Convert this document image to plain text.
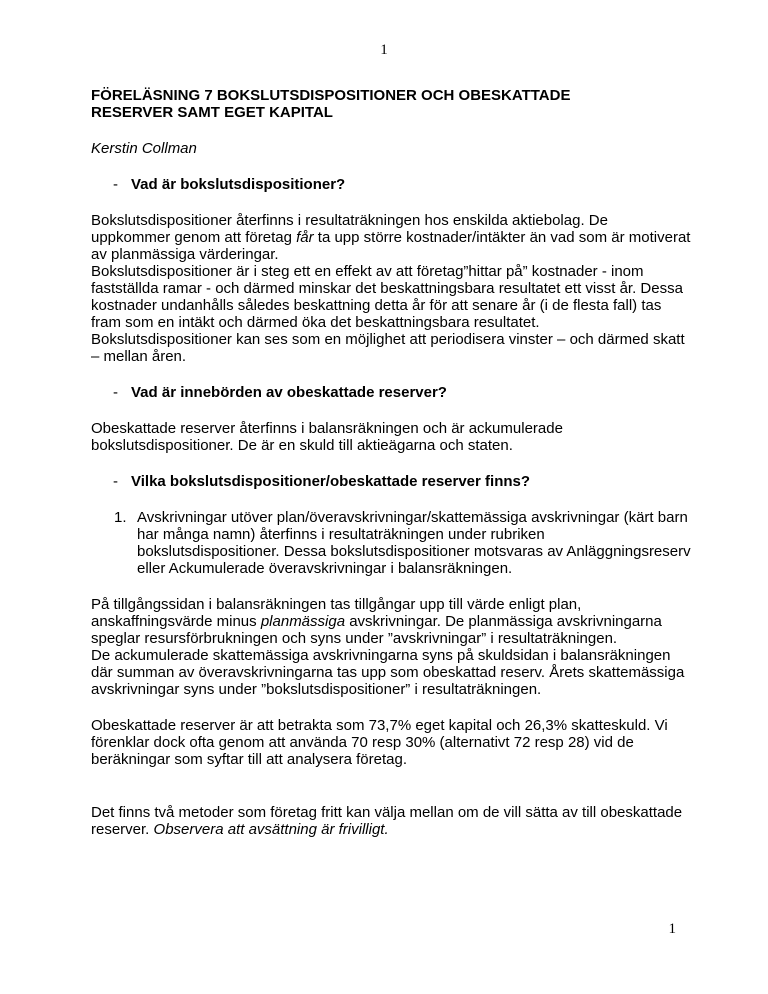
1

FÖRELÄSNING 7 BOKSLUTSDISPOSITIONER OCH OBESKATTADE

RESERVER SAMT EGET KAPITAL

Kerstin Collman

- Vad är bokslutsdispositioner?

Bokslutsdispositioner återfinns i resultaträkningen hos enskilda aktiebolag. De uppkommer genom att företag får ta upp större kostnader/intäkter än vad som är motiverat av planmässiga värderingar.

Bokslutsdispositioner är i steg ett en effekt av att företag”hittar på” kostnader - inom fastställda ramar - och därmed minskar det beskattningsbara resultatet ett visst år. Dessa kostnader undanhålls således beskattning detta år för att senare år (i de flesta fall) tas fram som en intäkt och därmed öka det beskattningsbara resultatet.

Bokslutsdispositioner kan ses som en möjlighet att periodisera vinster – och därmed skatt – mellan åren.

- Vad är innebörden av obeskattade reserver?

Obeskattade reserver återfinns i balansräkningen och är ackumulerade bokslutsdispositioner. De är en skuld till aktieägarna och staten.

- Vilka bokslutsdispositioner/obeskattade reserver finns?

1. Avskrivningar utöver plan/överavskrivningar/skattemässiga avskrivningar (kärt barn har många namn) återfinns i resultaträkningen under rubriken bokslutsdispositioner. Dessa bokslutsdispositioner motsvaras av Anläggningsreserv eller Ackumulerade överavskrivningar i balansräkningen.

På tillgångssidan i balansräkningen tas tillgångar upp till värde enligt plan, anskaffningsvärde minus planmässiga avskrivningar. De planmässiga avskrivningarna speglar resursförbrukningen och syns under ”avskrivningar” i resultaträkningen.

De ackumulerade skattemässiga avskrivningarna syns på skuldsidan i balansräkningen där summan av överavskrivningarna tas upp som obeskattad reserv. Årets skattemässiga avskrivningar syns under ”bokslutsdispositioner” i resultaträkningen.

Obeskattade reserver är att betrakta som 73,7% eget kapital och 26,3% skatteskuld. Vi förenklar dock ofta genom att använda 70 resp 30% (alternativt 72 resp 28) vid de beräkningar som syftar till att analysera företag.

Det finns två metoder som företag fritt kan välja mellan om de vill sätta av till obeskattade reserver. Observera att avsättning är frivilligt.

1
